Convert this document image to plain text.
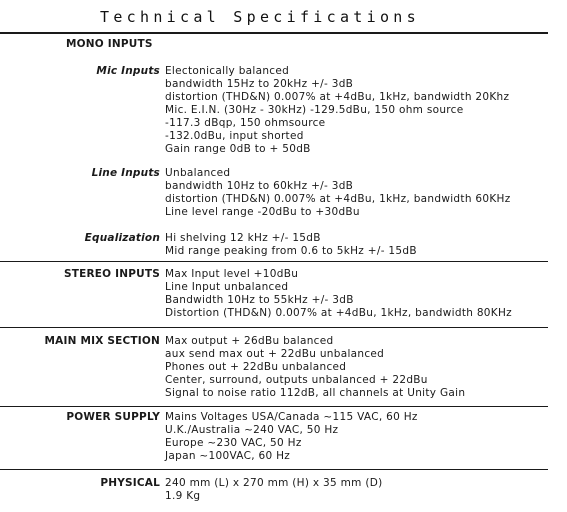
Technical Specifications
MONO INPUTS
Mic Inputs Electonically balanced
bandwidth 15Hz to 20kHz +/- 3dB
distortion (THD&N) 0.007% at +4dBu, 1kHz, bandwidth 20Khz
Mic. E.I.N. (30Hz - 30kHz) -129.5dBu, 150 ohm source
-117.3 dBqp, 150 ohmsource
-132.0dBu, input shorted
Gain range 0dB to + 50dB
Line Inputs Unbalanced
bandwidth 10Hz to 60kHz +/- 3dB
distortion (THD&N) 0.007% at +4dBu, 1kHz, bandwidth 60KHz
Line level range -20dBu to +30dBu
Equalization Hi shelving 12 kHz +/- 15dB
Mid range peaking from 0.6 to 5kHz +/- 15dB
STEREO INPUTS Max Input level +10dBu
Line Input unbalanced
Bandwidth 10Hz to 55kHz +/- 3dB
Distortion (THD&N) 0.007% at +4dBu, 1kHz, bandwidth 80KHz
MAIN MIX SECTION Max output + 26dBu balanced
aux send max out + 22dBu unbalanced
Phones out + 22dBu unbalanced
Center, surround, outputs unbalanced + 22dBu
Signal to noise ratio 112dB, all channels at Unity Gain
POWER SUPPLY Mains Voltages USA/Canada ~115 VAC, 60 Hz
U.K./Australia ~240 VAC, 50 Hz
Europe ~230 VAC, 50 Hz
Japan ~100VAC, 60 Hz
PHYSICAL 240 mm (L) x 270 mm (H) x 35 mm (D)
1.9 Kg
